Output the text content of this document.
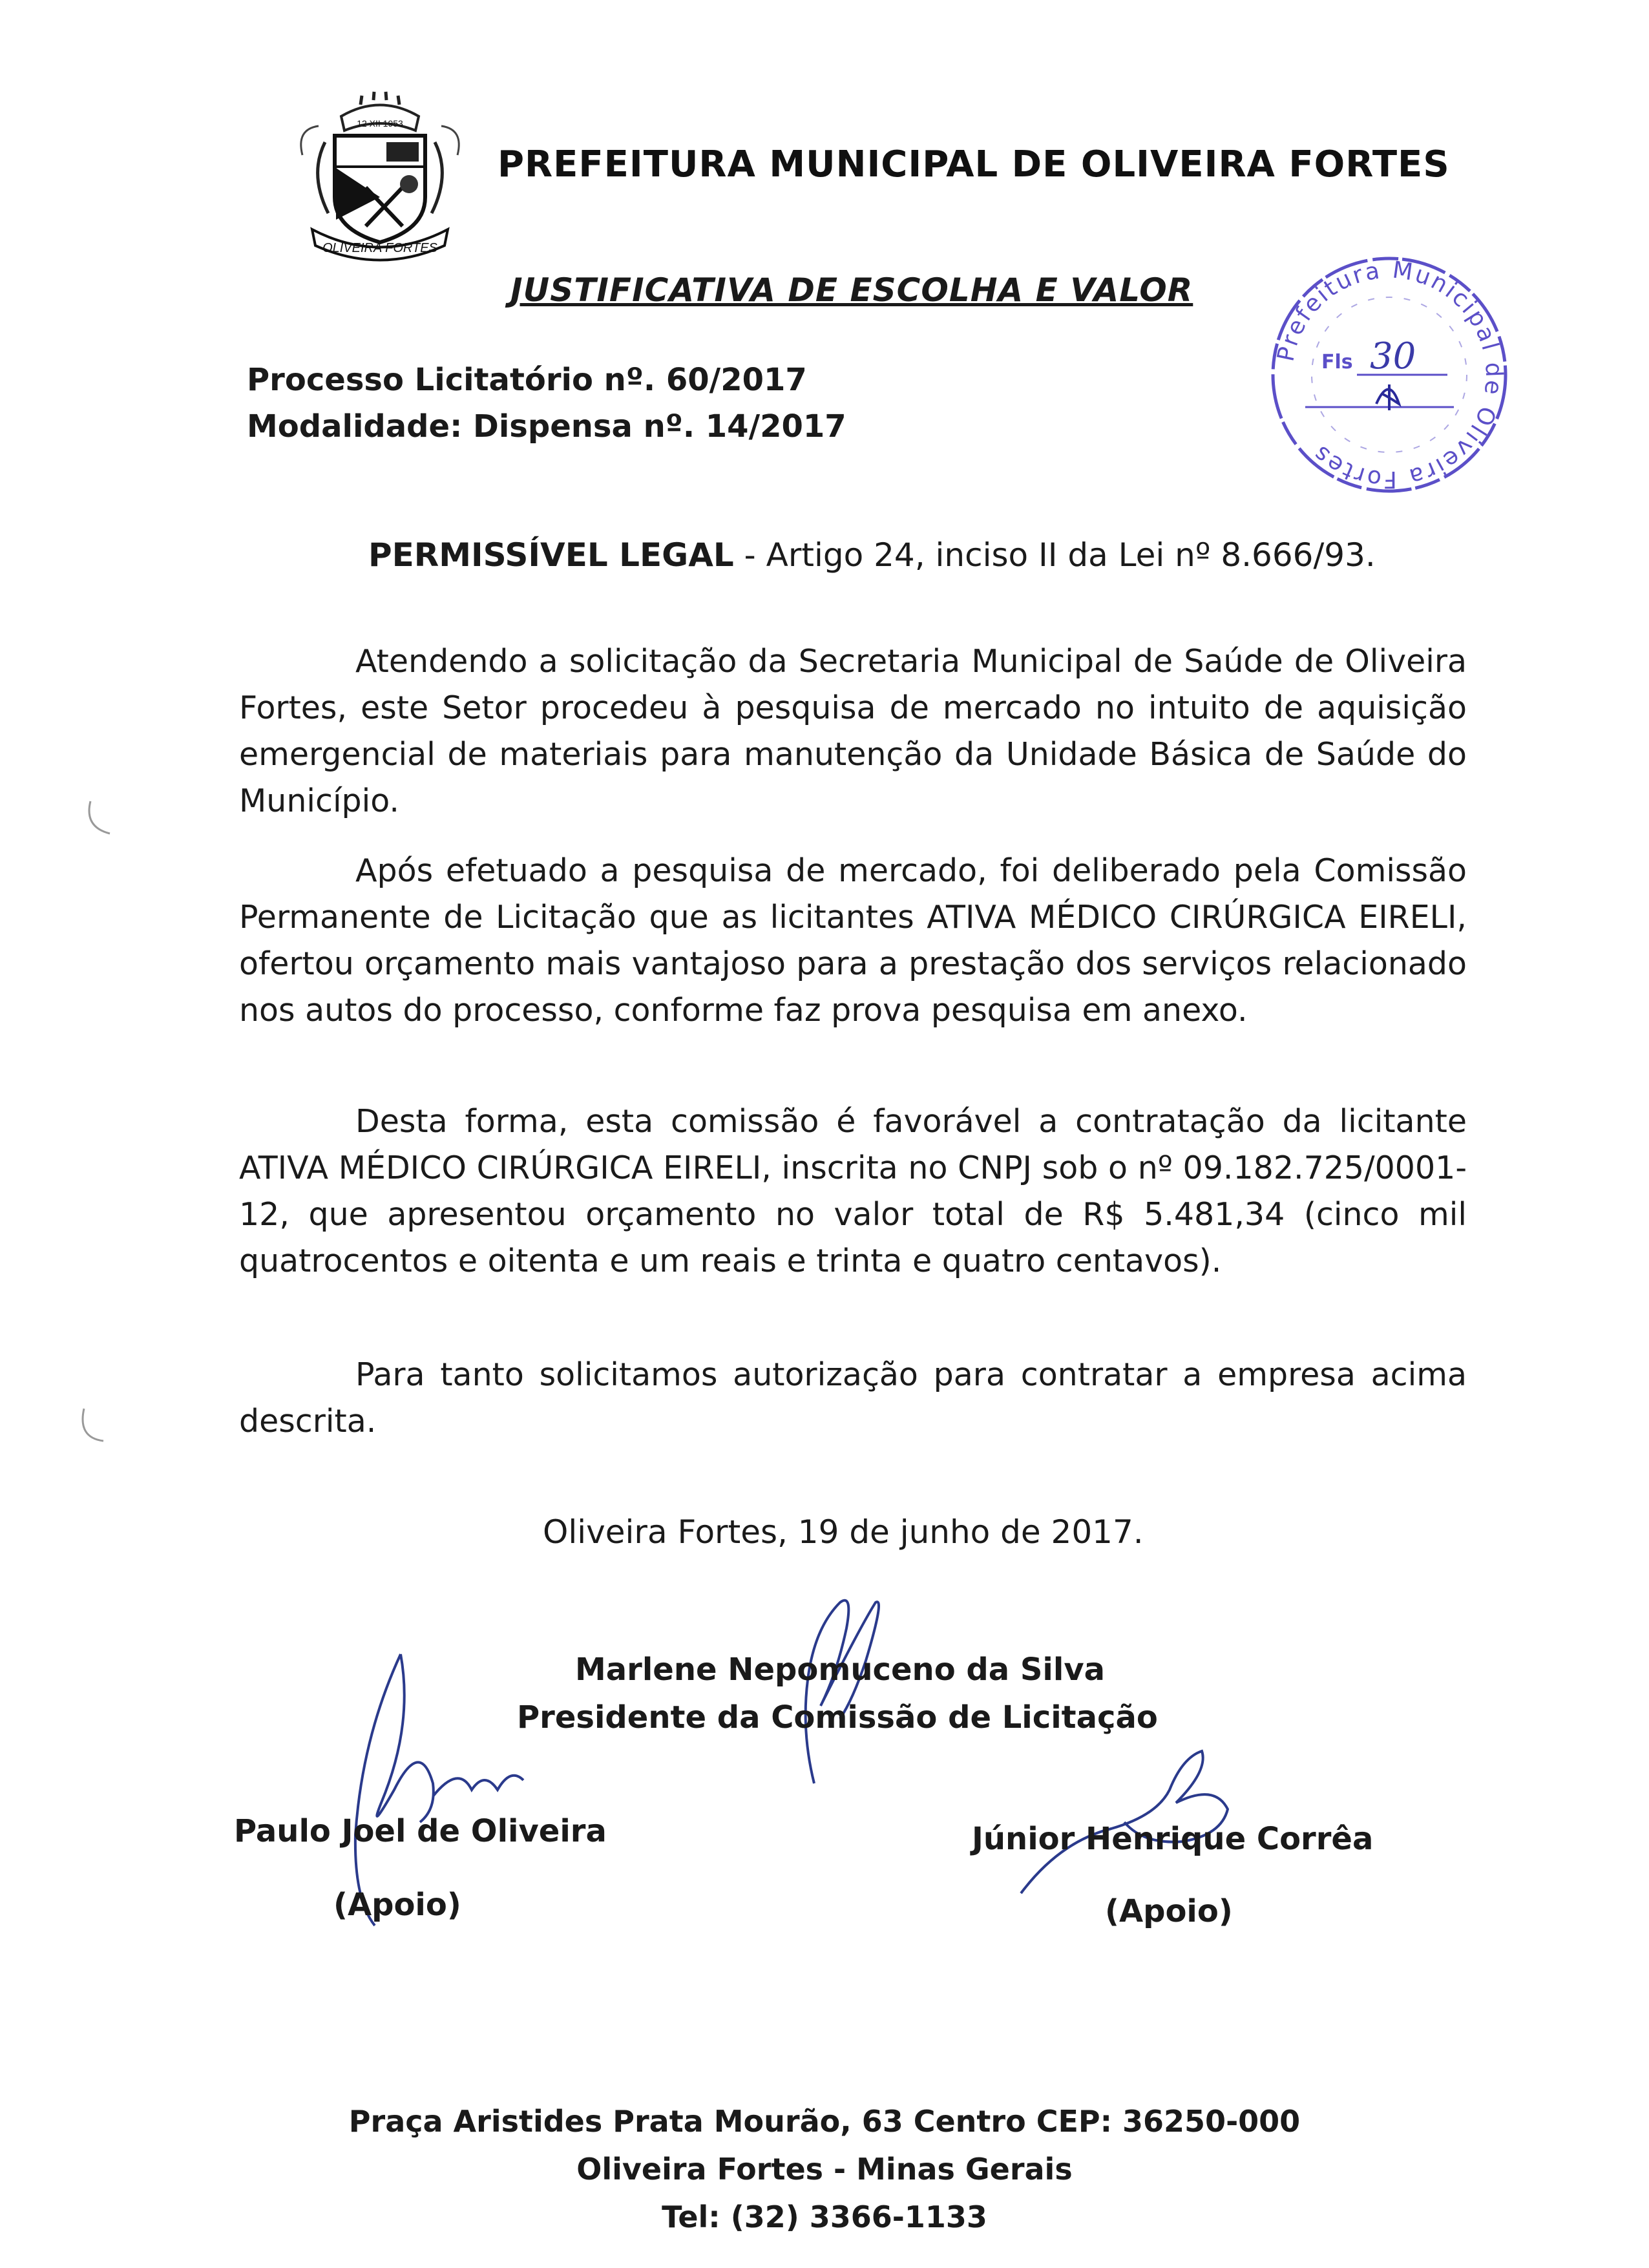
OLIVEIRA FORTES
12 XII 1953
PREFEITURA MUNICIPAL DE OLIVEIRA FORTES
JUSTIFICATIVA DE ESCOLHA E VALOR
Processo Licitatório nº. 60/2017
Modalidade: Dispensa nº. 14/2017
Prefeitura Municipal de Oliveira Fortes
Fls 30
PERMISSÍVEL LEGAL - Artigo 24, inciso II da Lei nº 8.666/93.
Atendendo a solicitação da Secretaria Municipal de Saúde de Oliveira Fortes, este Setor procedeu à pesquisa de mercado no intuito de aquisição emergencial de materiais para manutenção da Unidade Básica de Saúde do Município.
Após efetuado a pesquisa de mercado, foi deliberado pela Comissão Permanente de Licitação que as licitantes ATIVA MÉDICO CIRÚRGICA EIRELI, ofertou orçamento mais vantajoso para a prestação dos serviços relacionado nos autos do processo, conforme faz prova pesquisa em anexo.
Desta forma, esta comissão é favorável a contratação da licitante ATIVA MÉDICO CIRÚRGICA EIRELI, inscrita no CNPJ sob o nº 09.182.725/0001-12, que apresentou orçamento no valor total de R$ 5.481,34 (cinco mil quatrocentos e oitenta e um reais e trinta e quatro centavos).
Para tanto solicitamos autorização para contratar a empresa acima descrita.
Oliveira Fortes, 19 de junho de 2017.
Marlene Nepomuceno da Silva
Presidente da Comissão de Licitação
Paulo Joel de Oliveira
(Apoio)
Júnior Henrique Corrêa
(Apoio)
Praça Aristides Prata Mourão, 63 Centro CEP: 36250-000
Oliveira Fortes - Minas Gerais
Tel: (32) 3366-1133
